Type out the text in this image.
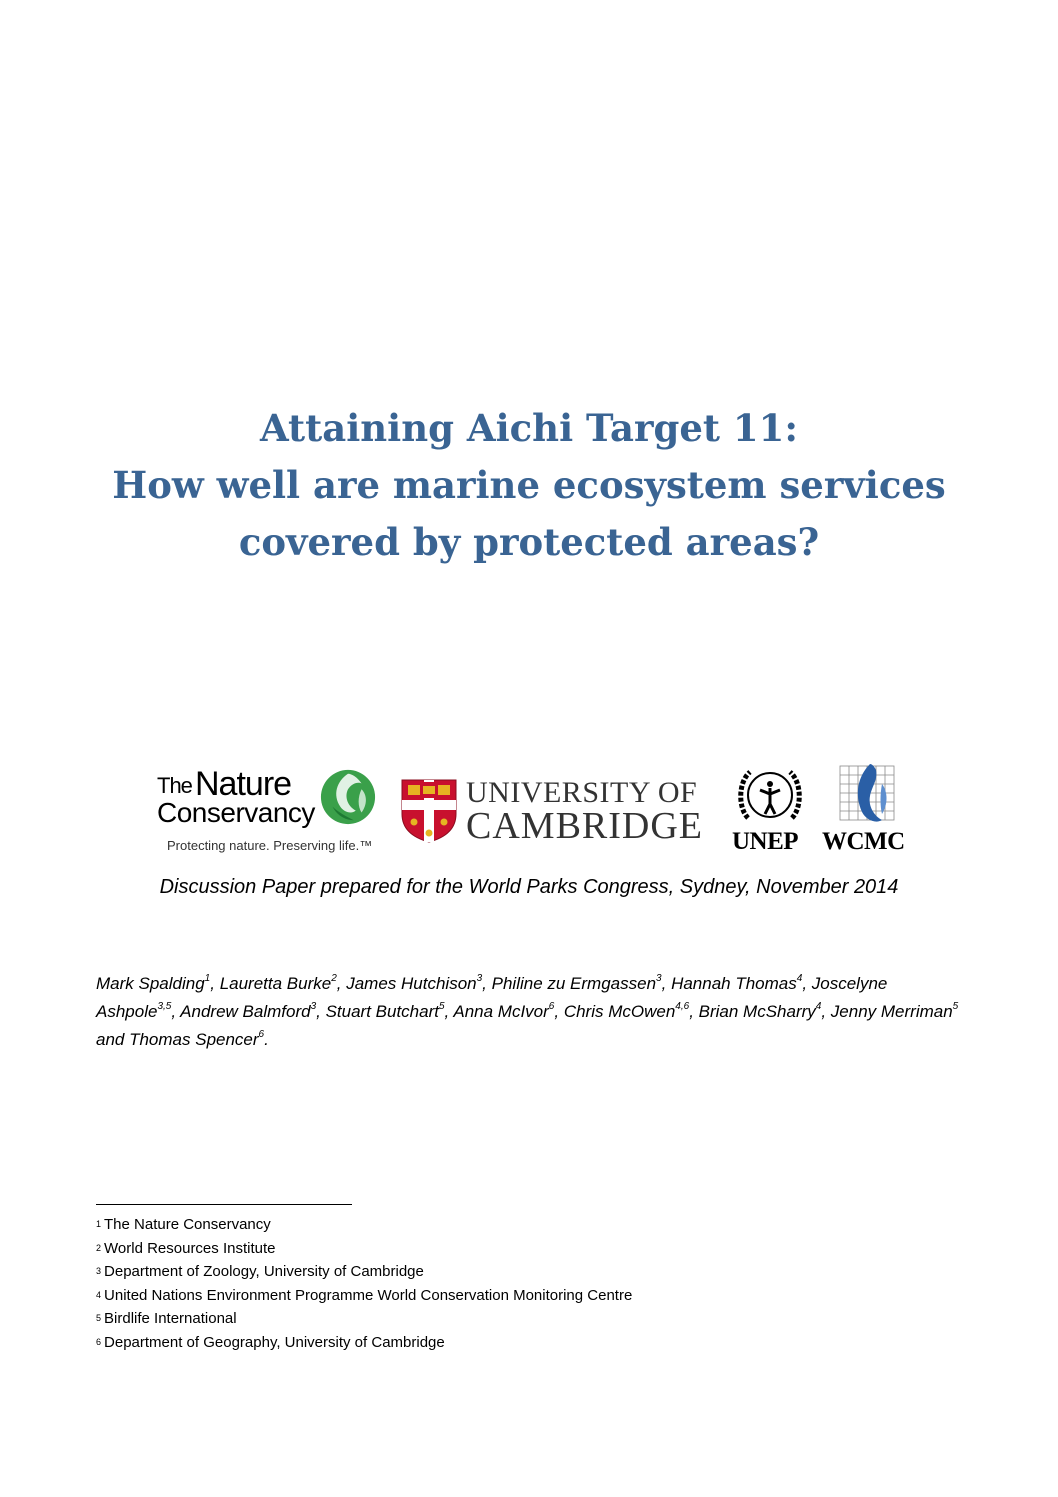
Attaining Aichi Target 11:
How well are marine ecosystem services
covered by protected areas?
The Nature
Conservancy
Protecting nature. Preserving life.™
UNIVERSITY OF
CAMBRIDGE UNEP WCMC
Discussion Paper prepared for the World Parks Congress, Sydney, November 2014
Mark Spalding$^1$, Lauretta Burke$^2$, James Hutchison$^3$, Philine zu Ermgassen$^3$, Hannah Thomas$^4$, Joscelyne Ashpole$^{3,5}$, Andrew Balmford$^3$, Stuart Butchart$^5$, Anna McIvor$^6$, Chris McOwen$^{4,6}$, Brian McSharry$^4$, Jenny Merriman$^5$ and Thomas Spencer$^6$.
$^1$ The Nature Conservancy
$^2$ World Resources Institute
$^3$ Department of Zoology, University of Cambridge
$^4$ United Nations Environment Programme World Conservation Monitoring Centre
$^5$ Birdlife International
$^6$ Department of Geography, University of Cambridge
